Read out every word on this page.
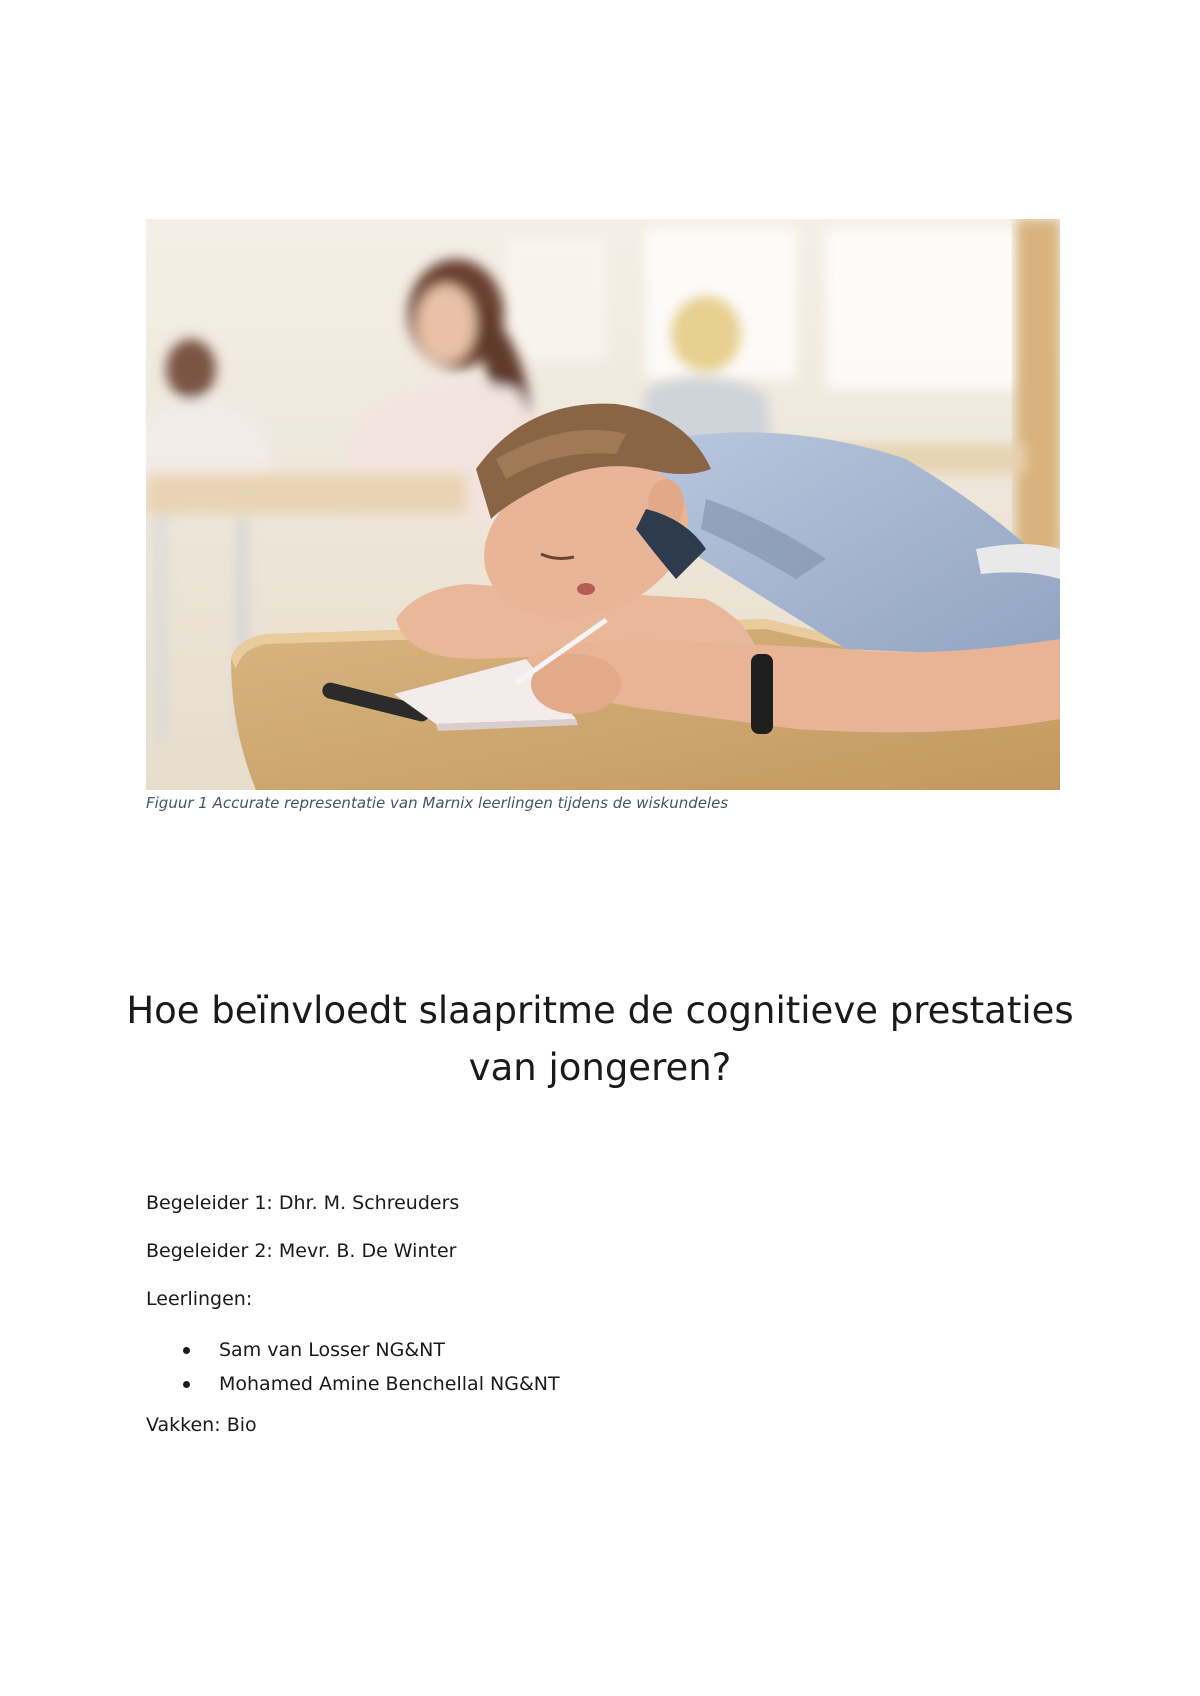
Figuur 1 Accurate representatie van Marnix leerlingen tijdens de wiskundeles
Hoe beïnvloedt slaapritme de cognitieve prestaties
van jongeren?
Begeleider 1: Dhr. M. Schreuders
Begeleider 2: Mevr. B. De Winter
Leerlingen:
Sam van Losser NG&NT
Mohamed Amine Benchellal NG&NT
Vakken: Bio
